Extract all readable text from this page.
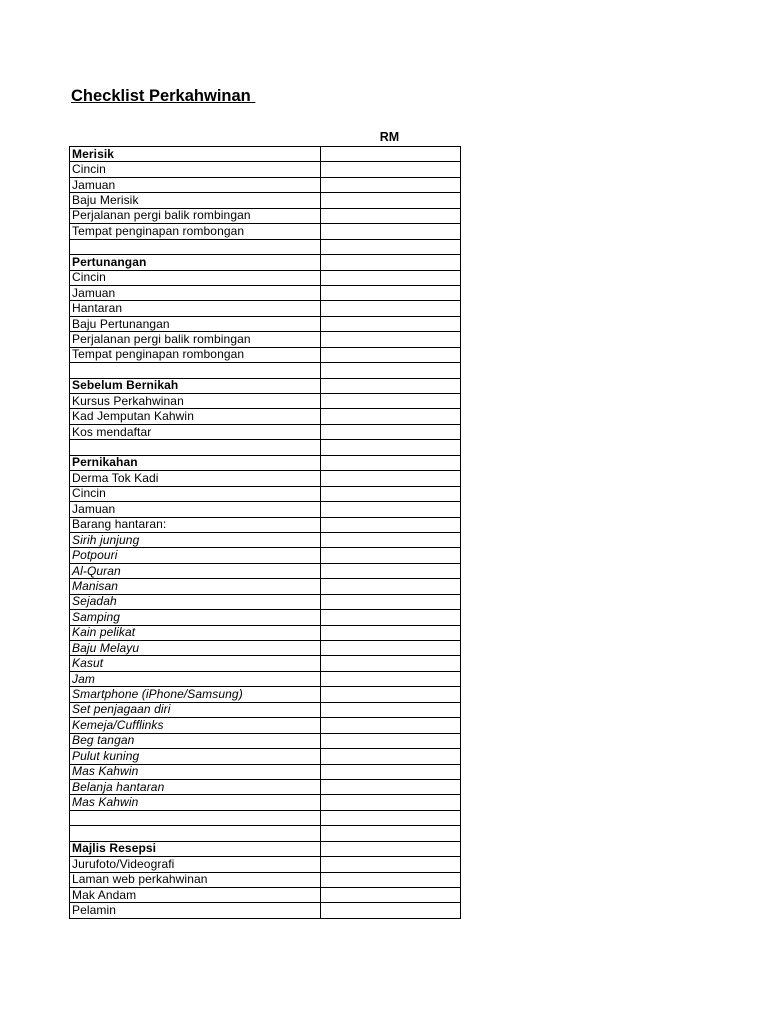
Checklist Perkahwinan
RM
Merisik	
Cincin	
Jamuan	
Baju Merisik	
Perjalanan pergi balik rombingan	
Tempat penginapan rombongan	

Pertunangan	
Cincin	
Jamuan	
Hantaran	
Baju Pertunangan	
Perjalanan pergi balik rombingan	
Tempat penginapan rombongan	

Sebelum Bernikah	
Kursus Perkahwinan	
Kad Jemputan Kahwin	
Kos mendaftar	

Pernikahan	
Derma Tok Kadi	
Cincin	
Jamuan	
Barang hantaran:	
Sirih junjung	
Potpouri	
Al-Quran	
Manisan	
Sejadah	
Samping	
Kain pelikat	
Baju Melayu	
Kasut	
Jam	
Smartphone (iPhone/Samsung)	
Set penjagaan diri	
Kemeja/Cufflinks	
Beg tangan	
Pulut kuning	
Mas Kahwin	
Belanja hantaran	
Mas Kahwin	

Majlis Resepsi	
Jurufoto/Videografi	
Laman web perkahwinan	
Mak Andam	
Pelamin	
